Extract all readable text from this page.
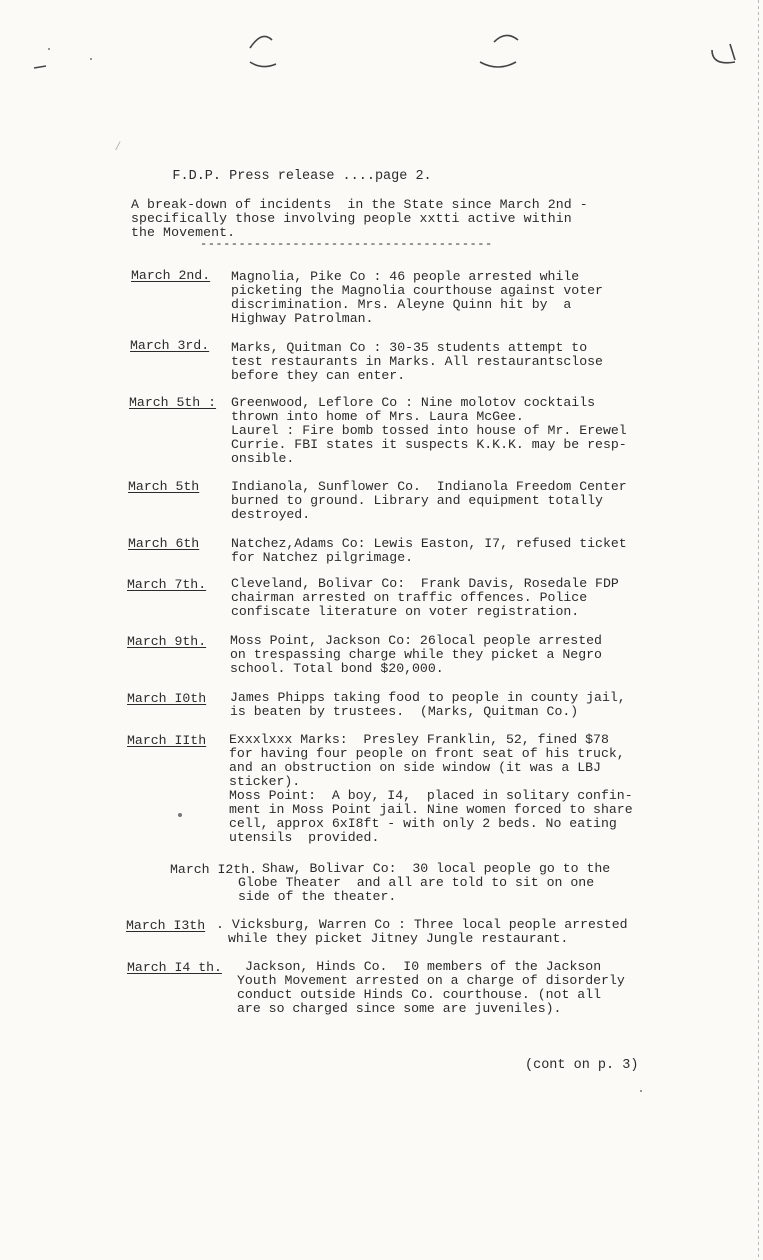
⁄

F.D.P. Press release ....page 2.

A break-down of incidents  in the State since March 2nd -
specifically those involving people xxtti active within
the Movement.
--------------------------------------
March 2nd. Magnolia, Pike Co : 46 people arrested while
picketing the Magnolia courthouse against voter
discrimination. Mrs. Aleyne Quinn hit by  a
Highway Patrolman.
March 3rd. Marks, Quitman Co : 30-35 students attempt to
test restaurants in Marks. All restaurantsclose
before they can enter.
March 5th : Greenwood, Leflore Co : Nine molotov cocktails
thrown into home of Mrs. Laura McGee.
Laurel : Fire bomb tossed into house of Mr. Erewel
Currie. FBI states it suspects K.K.K. may be resp-
onsible.
March 5th Indianola, Sunflower Co.  Indianola Freedom Center
burned to ground. Library and equipment totally
destroyed.
March 6th Natchez,Adams Co: Lewis Easton, I7, refused ticket
for Natchez pilgrimage.
March 7th. Cleveland, Bolivar Co:  Frank Davis, Rosedale FDP
chairman arrested on traffic offences. Police
confiscate literature on voter registration.
March 9th. Moss Point, Jackson Co: 26local people arrested
on trespassing charge while they picket a Negro
school. Total bond $20,000.
March I0th James Phipps taking food to people in county jail,
is beaten by trustees.  (Marks, Quitman Co.)
March IIth Exxxlxxx Marks:  Presley Franklin, 52, fined $78
for having four people on front seat of his truck,
and an obstruction on side window (it was a LBJ
sticker).
Moss Point:  A boy, I4,  placed in solitary confin-
ment in Moss Point jail. Nine women forced to share
cell, approx 6xI8ft - with only 2 beds. No eating
utensils  provided.
March I2th. Shaw, Bolivar Co:  30 local people go to the
Globe Theater  and all are told to sit on one
side of the theater.
March I3th . Vicksburg, Warren Co : Three local people arrested
while they picket Jitney Jungle restaurant.
March I4 th. Jackson, Hinds Co.  I0 members of the Jackson
Youth Movement arrested on a charge of disorderly
conduct outside Hinds Co. courthouse. (not all
are so charged since some are juveniles).
(cont on p. 3)
